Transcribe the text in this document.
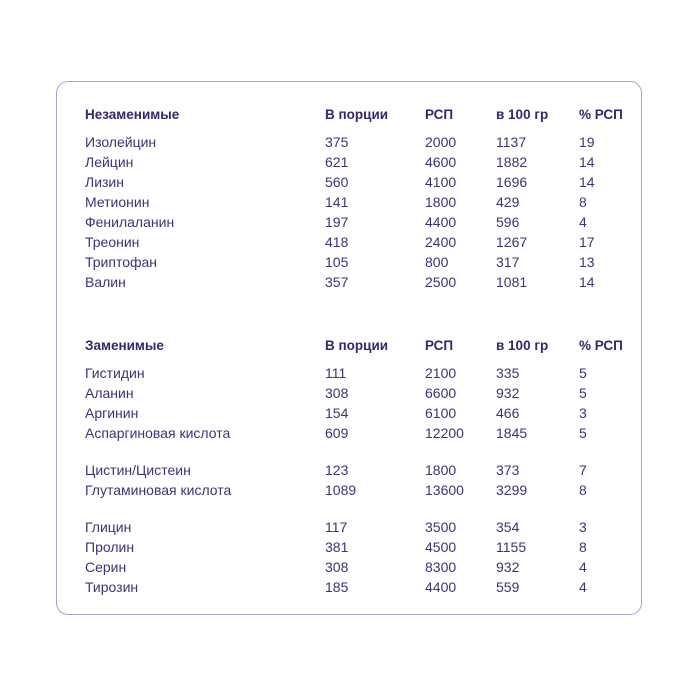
Незаменимые	В порции	РСП	в 100 гр % РСП
Изолейцин	375	2000	1137	19
Лейцин	621	4600	1882	14
Лизин	560	4100	1696	14
Метионин	141	1800	429	8
Фенилаланин	197	4400	596	4
Треонин	418	2400	1267	17
Триптофан	105	800	317	13
Валин	357	2500	1081	14
Заменимые	В порции	РСП	в 100 гр % РСП
Гистидин	111	2100	335	5
Аланин	308	6600	932	5
Аргинин	154	6100	466	3
Аспаргиновая кислота	609	12200 1845	5
Цистин/Цистеин	123	1800	373	7
Глутаминовая кислота	1089	13600 3299	8
Глицин	117	3500	354	3
Пролин	381	4500	1155	8
Серин	308	8300	932	4
Тирозин	185	4400	559	4
